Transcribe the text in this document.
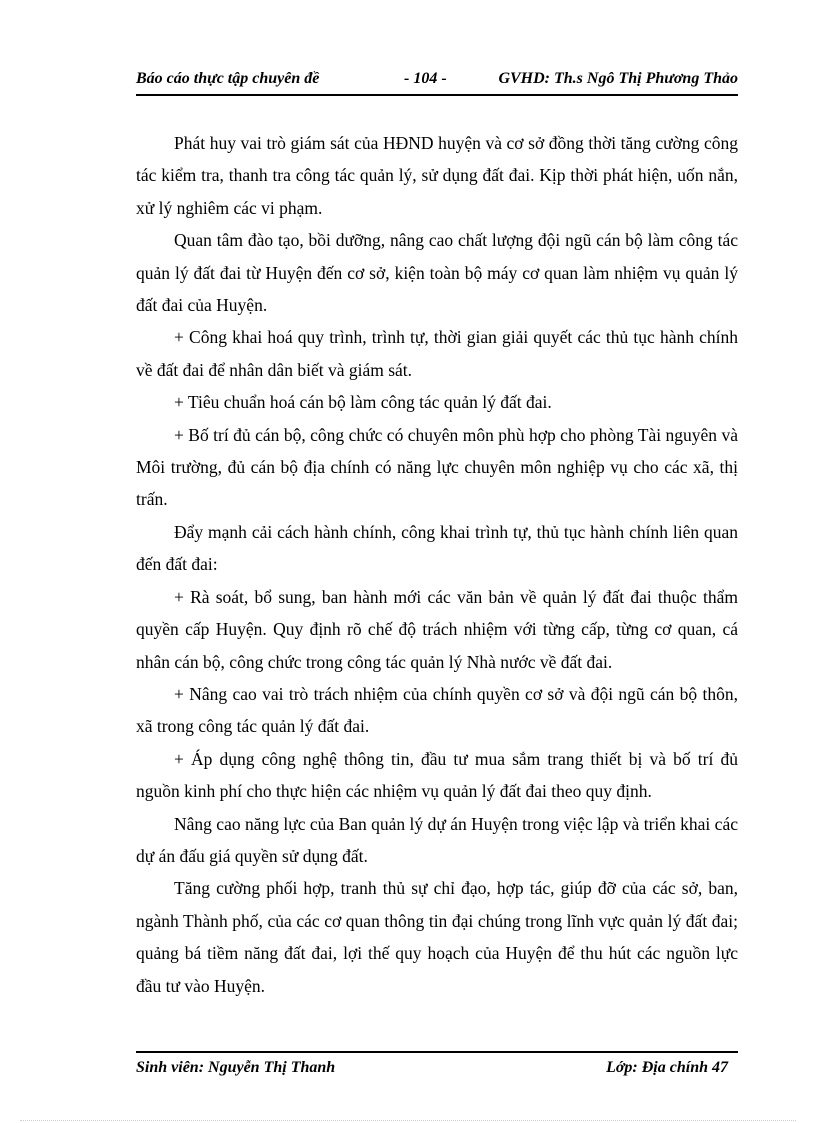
Báo cáo thực tập chuyên đề	- 104 -	GVHD: Th.s Ngô Thị Phương Thảo

Phát huy vai trò giám sát của HĐND huyện và cơ sở đồng thời tăng cường công tác kiểm tra, thanh tra công tác quản lý, sử dụng đất đai. Kịp thời phát hiện, uốn nắn, xử lý nghiêm các vi phạm.

Quan tâm đào tạo, bồi dưỡng, nâng cao chất lượng đội ngũ cán bộ làm công tác quản lý đất đai từ Huyện đến cơ sở, kiện toàn bộ máy cơ quan làm nhiệm vụ quản lý đất đai của Huyện.

+ Công khai hoá quy trình, trình tự, thời gian giải quyết các thủ tục hành chính về đất đai để nhân dân biết và giám sát.

+ Tiêu chuẩn hoá cán bộ làm công tác quản lý đất đai.

+ Bố trí đủ cán bộ, công chức có chuyên môn phù hợp cho phòng Tài nguyên và Môi trường, đủ cán bộ địa chính có năng lực chuyên môn nghiệp vụ cho các xã, thị trấn.

Đẩy mạnh cải cách hành chính, công khai trình tự, thủ tục hành chính liên quan đến đất đai:

+ Rà soát, bổ sung, ban hành mới các văn bản về quản lý đất đai thuộc thẩm quyền cấp Huyện. Quy định rõ chế độ trách nhiệm với từng cấp, từng cơ quan, cá nhân cán bộ, công chức trong công tác quản lý Nhà nước về đất đai.

+ Nâng cao vai trò trách nhiệm của chính quyền cơ sở và đội ngũ cán bộ thôn, xã trong công tác quản lý đất đai.

+ Áp dụng công nghệ thông tin, đầu tư mua sắm trang thiết bị và bố trí đủ nguồn kinh phí cho thực hiện các nhiệm vụ quản lý đất đai theo quy định.

Nâng cao năng lực của Ban quản lý dự án Huyện trong việc lập và triển khai các dự án đấu giá quyền sử dụng đất.

Tăng cường phối hợp, tranh thủ sự chỉ đạo, hợp tác, giúp đỡ của các sở, ban, ngành Thành phố, của các cơ quan thông tin đại chúng trong lĩnh vực quản lý đất đai; quảng bá tiềm năng đất đai, lợi thế quy hoạch của Huyện để thu hút các nguồn lực đầu tư vào Huyện.

Sinh viên: Nguyễn Thị Thanh	Lớp: Địa chính 47
